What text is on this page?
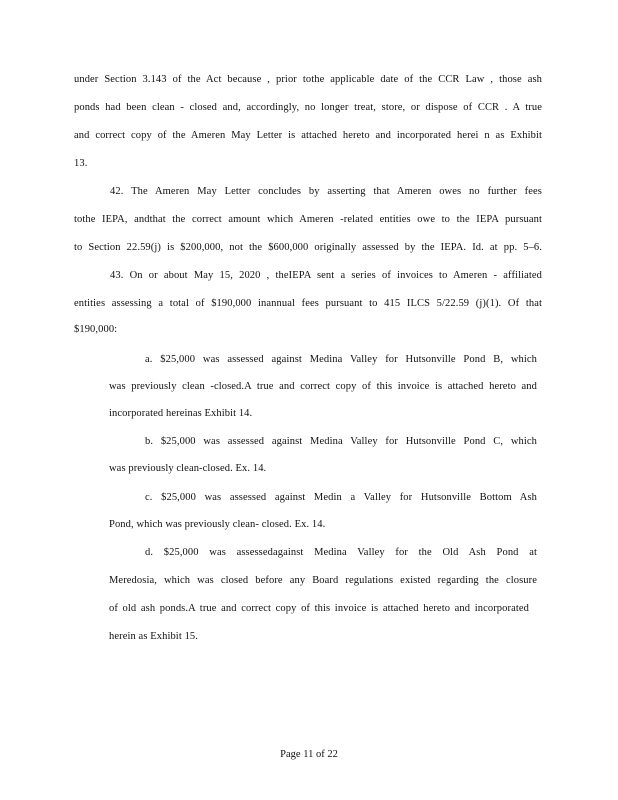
under Section 3.143 of the Act because , prior tothe applicable date of the CCR Law , those ash
ponds had been clean - closed and, accordingly, no longer treat, store, or dispose of CCR . A true
and correct copy of the Ameren May Letter is attached hereto and incorporated herei n as Exhibit
13.
42. The Ameren May Letter concludes by asserting that Ameren owes no further fees
tothe IEPA, andthat the correct amount which Ameren -related entities owe to the IEPA pursuant
to Section 22.59(j) is $200,000, not the $600,000 originally assessed by the IEPA. Id. at pp. 5–6.
43. On or about May 15, 2020 , theIEPA sent a series of invoices to Ameren - affiliated
entities assessing a total of $190,000 inannual fees pursuant to 415 ILCS 5/22.59 (j)(1). Of that
$190,000:
a. $25,000 was assessed against Medina Valley for Hutsonville Pond B, which
was previously clean -closed.A true and correct copy of this invoice is attached hereto and
incorporated hereinas Exhibit 14.
b. $25,000 was assessed against Medina Valley for Hutsonville Pond C, which
was previously clean-closed. Ex. 14.
c. $25,000 was assessed against Medin a Valley for Hutsonville Bottom Ash
Pond, which was previously clean- closed. Ex. 14.
d. $25,000 was assessedagainst Medina Valley for the Old Ash Pond at
Meredosia, which was closed before any Board regulations existed regarding the closure
of old ash ponds.A true and correct copy of this invoice is attached hereto and incorporated
herein as Exhibit 15.
Page 11 of 22
